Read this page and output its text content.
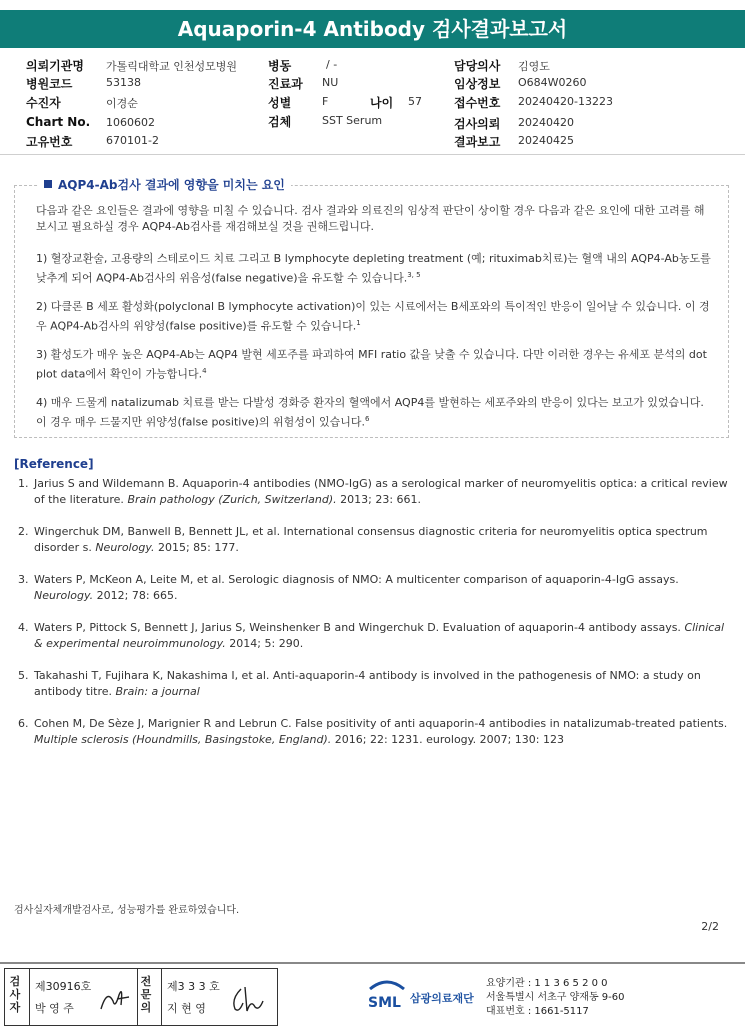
Aquaporin-4 Antibody 검사결과보고서
의뢰기관명 가톨릭대학교 인천성모병원
병원코드	53138
수진자	이경순
Chart No. 1060602
고유번호	670101-2
병동	/ -
진료과 NU
성별	F	나이 57
검체	SST Serum
담당의사 김영도
임상정보 O684W0260
접수번호 20240420-13223
검사의뢰 20240420
결과보고 20240425
AQP4-Ab검사 결과에 영향을 미치는 요인
다음과 같은 요인들은 결과에 영향을 미칠 수 있습니다. 검사 결과와 의료진의 임상적 판단이 상이할 경우 다음과 같은 요인에 대한 고려를 해 보시고 필요하실 경우 AQP4-Ab검사를 재검해보실 것을 권해드립니다.
1) 혈장교환술, 고용량의 스테로이드 치료 그리고 B lymphocyte depleting treatment (예; rituximab치료)는 혈액 내의 AQP4-Ab농도를 낮추게 되어 AQP4-Ab검사의 위음성(false negative)을 유도할 수 있습니다.$^{3, 5}$
2) 다클론 B 세포 활성화(polyclonal B lymphocyte activation)이 있는 시료에서는 B세포와의 특이적인 반응이 일어날 수 있습니다. 이 경우 AQP4-Ab검사의 위양성(false positive)를 유도할 수 있습니다.$^1$
3) 활성도가 매우 높은 AQP4-Ab는 AQP4 발현 세포주를 파괴하여 MFI ratio 값을 낮출 수 있습니다. 다만 이러한 경우는 유세포 분석의 dot plot data에서 확인이 가능합니다.$^4$
4) 매우 드물게 natalizumab 치료를 받는 다발성 경화증 환자의 혈액에서 AQP4를 발현하는 세포주와의 반응이 있다는 보고가 있었습니다. 이 경우 매우 드물지만 위양성(false positive)의 위험성이 있습니다.$^6$
[Reference]
1. Jarius S and Wildemann B. Aquaporin-4 antibodies (NMO-IgG) as a serological marker of neuromyelitis optica: a critical review of the literature. Brain pathology (Zurich, Switzerland). 2013; 23: 661.
2. Wingerchuk DM, Banwell B, Bennett JL, et al. International consensus diagnostic criteria for neuromyelitis optica spectrum disorder s. Neurology. 2015; 85: 177.
3. Waters P, McKeon A, Leite M, et al. Serologic diagnosis of NMO: A multicenter comparison of aquaporin-4-IgG assays. Neurology. 2012; 78: 665.
4. Waters P, Pittock S, Bennett J, Jarius S, Weinshenker B and Wingerchuk D. Evaluation of aquaporin-4 antibody assays. Clinical & experimental neuroimmunology. 2014; 5: 290.
5. Takahashi T, Fujihara K, Nakashima I, et al. Anti-aquaporin-4 antibody is involved in the pathogenesis of NMO: a study on antibody titre. Brain: a journal
6. Cohen M, De Sèze J, Marignier R and Lebrun C. False positivity of anti aquaporin-4 antibodies in natalizumab-treated patients. Multiple sclerosis (Houndmills, Basingstoke, England). 2016; 22: 1231. eurology. 2007; 130: 123
검사실자체개발검사로, 성능평가를 완료하였습니다.
2/2
검사자
제30916호
박 영 주
전문의
제3 3 3 호
지 현 영	SML 삼광의료재단
요양기관 : 1 1 3 6 5 2 0 0
서울특별시 서초구 양재동 9-60
대표번호 : 1661-5117
